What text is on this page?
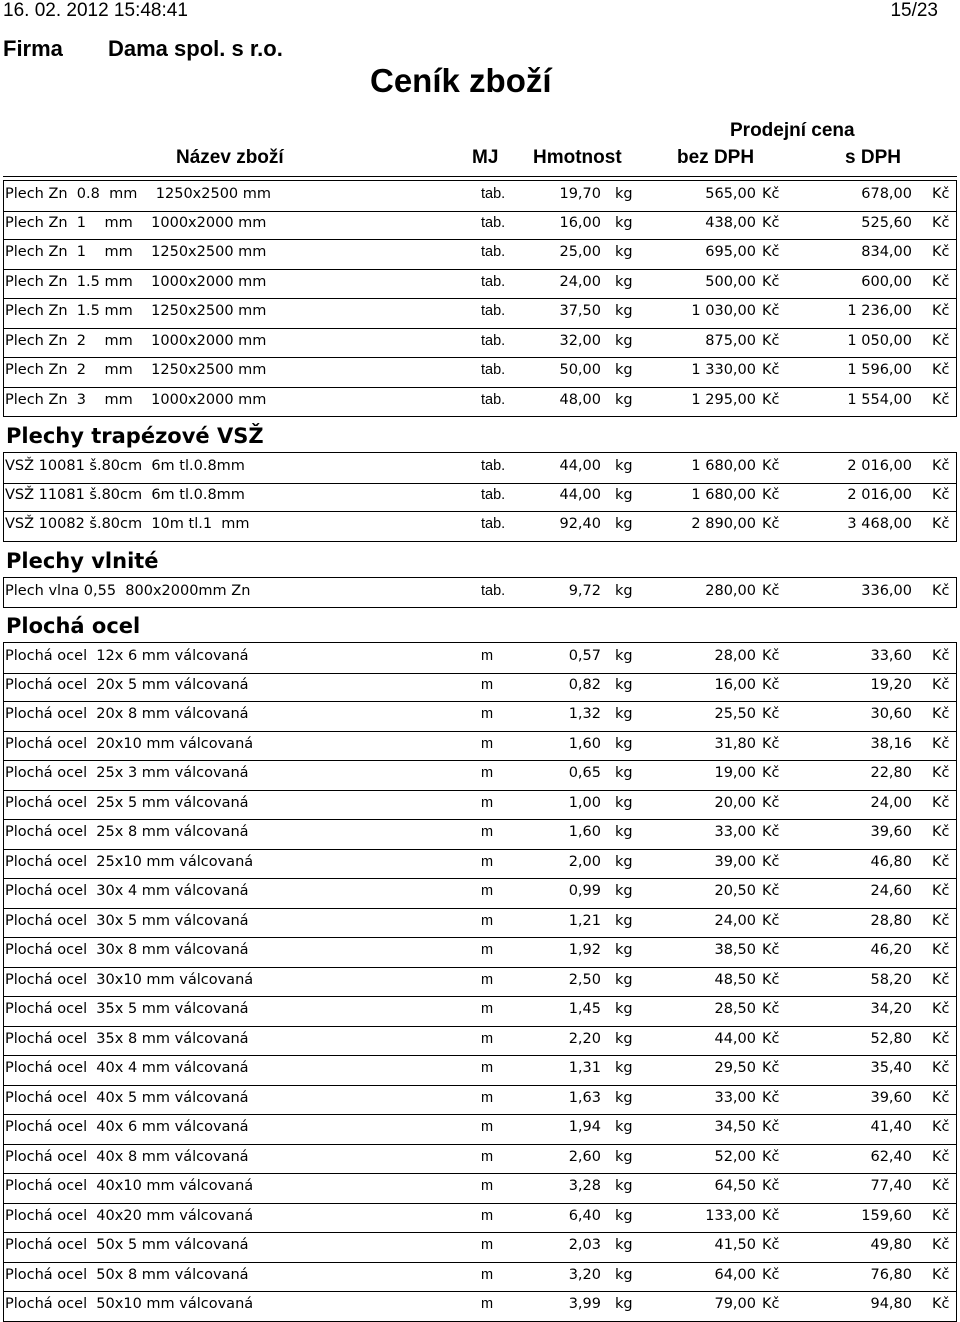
16. 02. 2012 15:48:41	15/23
Firma Dama spol. s r.o.
Ceník zboží
Prodejní cena
Název zboží	MJ Hmotnost	bez DPH	s DPH
Plech Zn  0.8  mm    1250x2500 mm	tab.	19,70 kg	565,00 Kč	678,00 Kč
Plech Zn  1    mm    1000x2000 mm	tab.	16,00 kg	438,00 Kč	525,60 Kč
Plech Zn  1    mm    1250x2500 mm	tab.	25,00 kg	695,00 Kč	834,00 Kč
Plech Zn  1.5 mm    1000x2000 mm	tab.	24,00 kg	500,00 Kč	600,00 Kč
Plech Zn  1.5 mm    1250x2500 mm	tab.	37,50 kg	1 030,00 Kč	1 236,00 Kč
Plech Zn  2    mm    1000x2000 mm	tab.	32,00 kg	875,00 Kč	1 050,00 Kč
Plech Zn  2    mm    1250x2500 mm	tab.	50,00 kg	1 330,00 Kč	1 596,00 Kč
Plech Zn  3    mm    1000x2000 mm	tab.	48,00 kg	1 295,00 Kč	1 554,00 Kč
Plechy trapézové VSŽ
VSŽ 10081 š.80cm  6m tl.0.8mm	tab.	44,00 kg	1 680,00 Kč	2 016,00 Kč
VSŽ 11081 š.80cm  6m tl.0.8mm	tab.	44,00 kg	1 680,00 Kč	2 016,00 Kč
VSŽ 10082 š.80cm  10m tl.1  mm	tab.	92,40 kg	2 890,00 Kč	3 468,00 Kč
Plechy vlnité
Plech vlna 0,55  800x2000mm Zn	tab.	9,72 kg	280,00 Kč	336,00 Kč
Plochá ocel
Plochá ocel  12x 6 mm válcovaná	m	0,57 kg	28,00 Kč	33,60 Kč
Plochá ocel  20x 5 mm válcovaná	m	0,82 kg	16,00 Kč	19,20 Kč
Plochá ocel  20x 8 mm válcovaná	m	1,32 kg	25,50 Kč	30,60 Kč
Plochá ocel  20x10 mm válcovaná	m	1,60 kg	31,80 Kč	38,16 Kč
Plochá ocel  25x 3 mm válcovaná	m	0,65 kg	19,00 Kč	22,80 Kč
Plochá ocel  25x 5 mm válcovaná	m	1,00 kg	20,00 Kč	24,00 Kč
Plochá ocel  25x 8 mm válcovaná	m	1,60 kg	33,00 Kč	39,60 Kč
Plochá ocel  25x10 mm válcovaná	m	2,00 kg	39,00 Kč	46,80 Kč
Plochá ocel  30x 4 mm válcovaná	m	0,99 kg	20,50 Kč	24,60 Kč
Plochá ocel  30x 5 mm válcovaná	m	1,21 kg	24,00 Kč	28,80 Kč
Plochá ocel  30x 8 mm válcovaná	m	1,92 kg	38,50 Kč	46,20 Kč
Plochá ocel  30x10 mm válcovaná	m	2,50 kg	48,50 Kč	58,20 Kč
Plochá ocel  35x 5 mm válcovaná	m	1,45 kg	28,50 Kč	34,20 Kč
Plochá ocel  35x 8 mm válcovaná	m	2,20 kg	44,00 Kč	52,80 Kč
Plochá ocel  40x 4 mm válcovaná	m	1,31 kg	29,50 Kč	35,40 Kč
Plochá ocel  40x 5 mm válcovaná	m	1,63 kg	33,00 Kč	39,60 Kč
Plochá ocel  40x 6 mm válcovaná	m	1,94 kg	34,50 Kč	41,40 Kč
Plochá ocel  40x 8 mm válcovaná	m	2,60 kg	52,00 Kč	62,40 Kč
Plochá ocel  40x10 mm válcovaná	m	3,28 kg	64,50 Kč	77,40 Kč
Plochá ocel  40x20 mm válcovaná	m	6,40 kg	133,00 Kč	159,60 Kč
Plochá ocel  50x 5 mm válcovaná	m	2,03 kg	41,50 Kč	49,80 Kč
Plochá ocel  50x 8 mm válcovaná	m	3,20 kg	64,00 Kč	76,80 Kč
Plochá ocel  50x10 mm válcovaná	m	3,99 kg	79,00 Kč	94,80 Kč
